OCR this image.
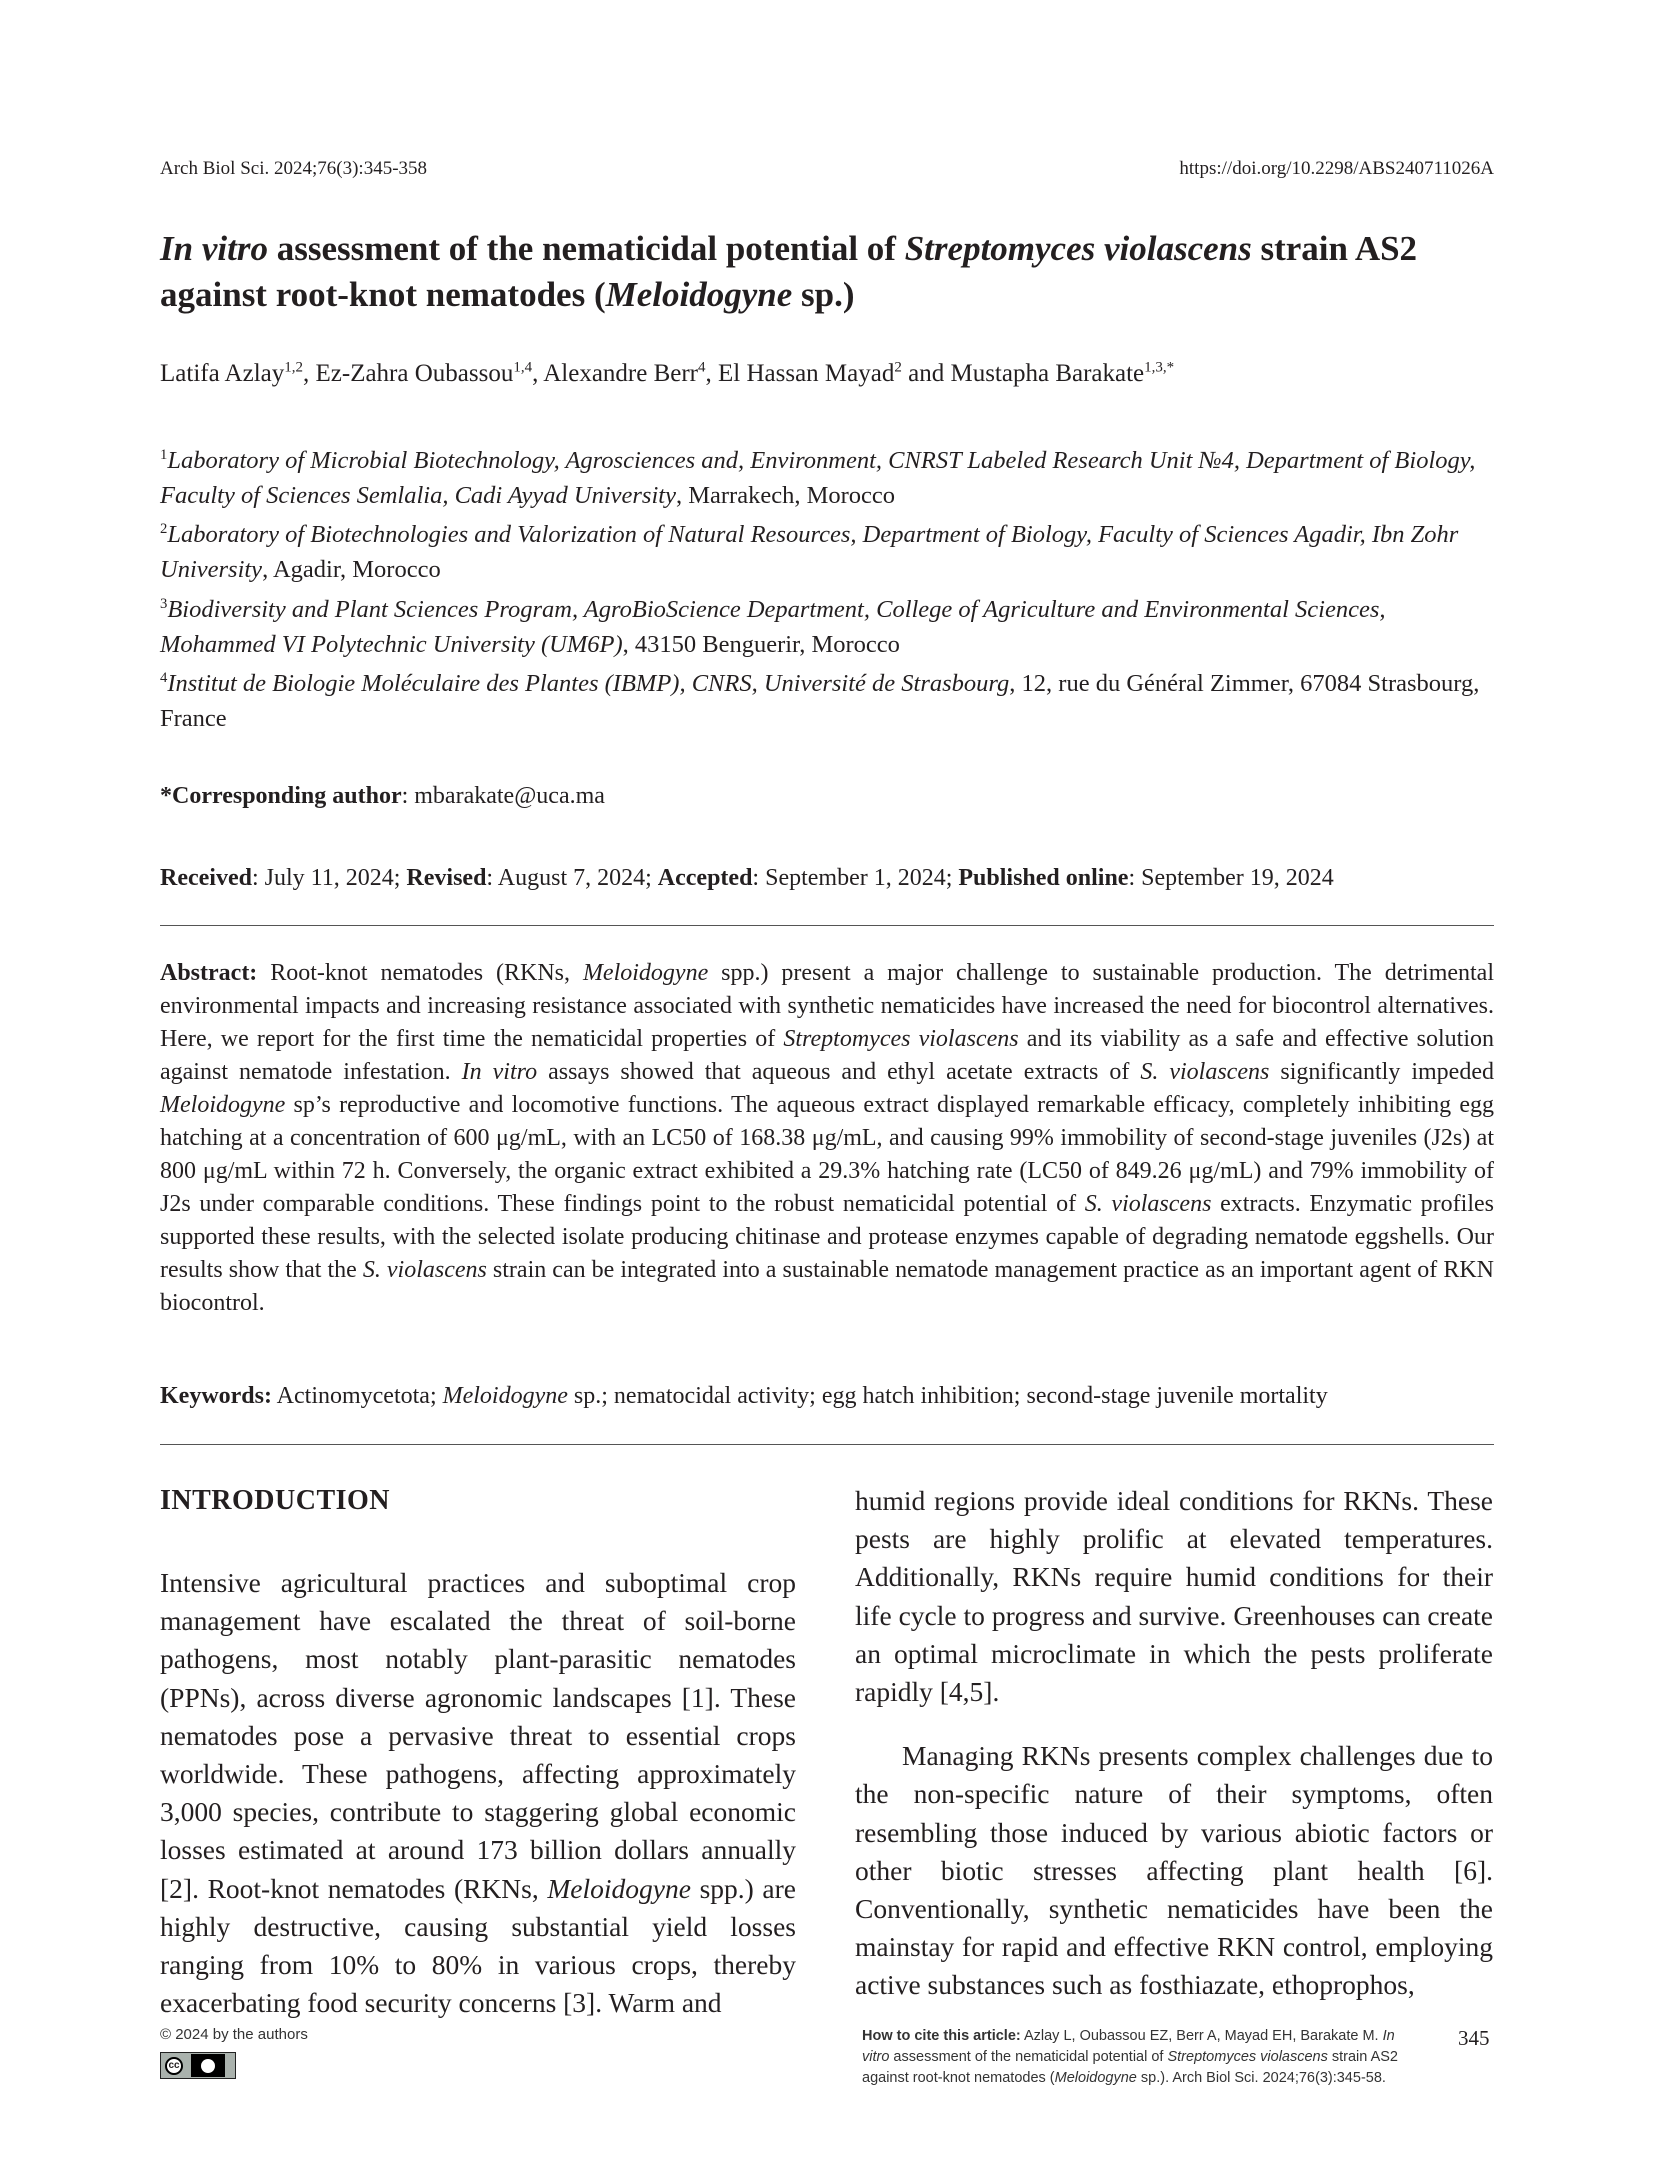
Arch Biol Sci. 2024;76(3):345-358	https://doi.org/10.2298/ABS240711026A
In vitro assessment of the nematicidal potential of Streptomyces violascens strain AS2 against root-knot nematodes (Meloidogyne sp.)
Latifa Azlay$^{1,2}$, Ez-Zahra Oubassou$^{1,4}$, Alexandre Berr$^4$, El Hassan Mayad$^2$ and Mustapha Barakate$^{1,3,*}$
$^1$Laboratory of Microbial Biotechnology, Agrosciences and, Environment, CNRST Labeled Research Unit №4, Department of Biology, Faculty of Sciences Semlalia, Cadi Ayyad University, Marrakech, Morocco
$^2$Laboratory of Biotechnologies and Valorization of Natural Resources, Department of Biology, Faculty of Sciences Agadir, Ibn Zohr University, Agadir, Morocco
$^3$Biodiversity and Plant Sciences Program, AgroBioScience Department, College of Agriculture and Environmental Sciences, Mohammed VI Polytechnic University (UM6P), 43150 Benguerir, Morocco
$^4$Institut de Biologie Moléculaire des Plantes (IBMP), CNRS, Université de Strasbourg, 12, rue du Général Zimmer, 67084 Strasbourg, France
*Corresponding author: mbarakate@uca.ma
Received: July 11, 2024; Revised: August 7, 2024; Accepted: September 1, 2024; Published online: September 19, 2024
Abstract: Root-knot nematodes (RKNs, Meloidogyne spp.) present a major challenge to sustainable production. The detrimental environmental impacts and increasing resistance associated with synthetic nematicides have increased the need for biocontrol alternatives. Here, we report for the first time the nematicidal properties of Streptomyces violascens and its viability as a safe and effective solution against nematode infestation. In vitro assays showed that aqueous and ethyl acetate extracts of S. violascens significantly impeded Meloidogyne sp’s reproductive and locomotive functions. The aqueous extract displayed remarkable efficacy, completely inhibiting egg hatching at a concentration of 600 μg/mL, with an LC50 of 168.38 μg/mL, and causing 99% immobility of second-stage juveniles (J2s) at 800 μg/mL within 72 h. Conversely, the organic extract exhibited a 29.3% hatching rate (LC50 of 849.26 μg/mL) and 79% immobility of J2s under comparable conditions. These findings point to the robust nematicidal potential of S. violascens extracts. Enzymatic profiles supported these results, with the selected isolate producing chitinase and protease enzymes capable of degrading nematode eggshells. Our results show that the S. violascens strain can be integrated into a sustainable nematode management practice as an important agent of RKN biocontrol.
Keywords: Actinomycetota; Meloidogyne sp.; nematocidal activity; egg hatch inhibition; second-stage juvenile mortality
INTRODUCTION

Intensive agricultural practices and suboptimal crop management have escalated the threat of soil-borne pathogens, most notably plant-parasitic nematodes (PPNs), across diverse agronomic landscapes [1]. These nematodes pose a pervasive threat to essential crops worldwide. These pathogens, affecting approximately 3,000 species, contribute to staggering global economic losses estimated at around 173 billion dollars annually [2]. Root-knot nematodes (RKNs, Meloidogyne spp.) are highly destructive, causing substantial yield losses ranging from 10% to 80% in various crops, thereby exacerbating food security concerns [3]. Warm and

humid regions provide ideal conditions for RKNs. These pests are highly prolific at elevated temperatures. Additionally, RKNs require humid conditions for their life cycle to progress and survive. Greenhouses can create an optimal microclimate in which the pests proliferate rapidly [4,5].

Managing RKNs presents complex challenges due to the non-specific nature of their symptoms, often resembling those induced by various abiotic factors or other biotic stresses affecting plant health [6]. Conventionally, synthetic nematicides have been the mainstay for rapid and effective RKN control, employing active substances such as fosthiazate, ethoprophos,

© 2024 by the authors
cc
How to cite this article: Azlay L, Oubassou EZ, Berr A, Mayad EH, Barakate M. In vitro assessment of the nematicidal potential of Streptomyces violascens strain AS2 against root-knot nematodes (Meloidogyne sp.). Arch Biol Sci. 2024;76(3):345-58.
345
